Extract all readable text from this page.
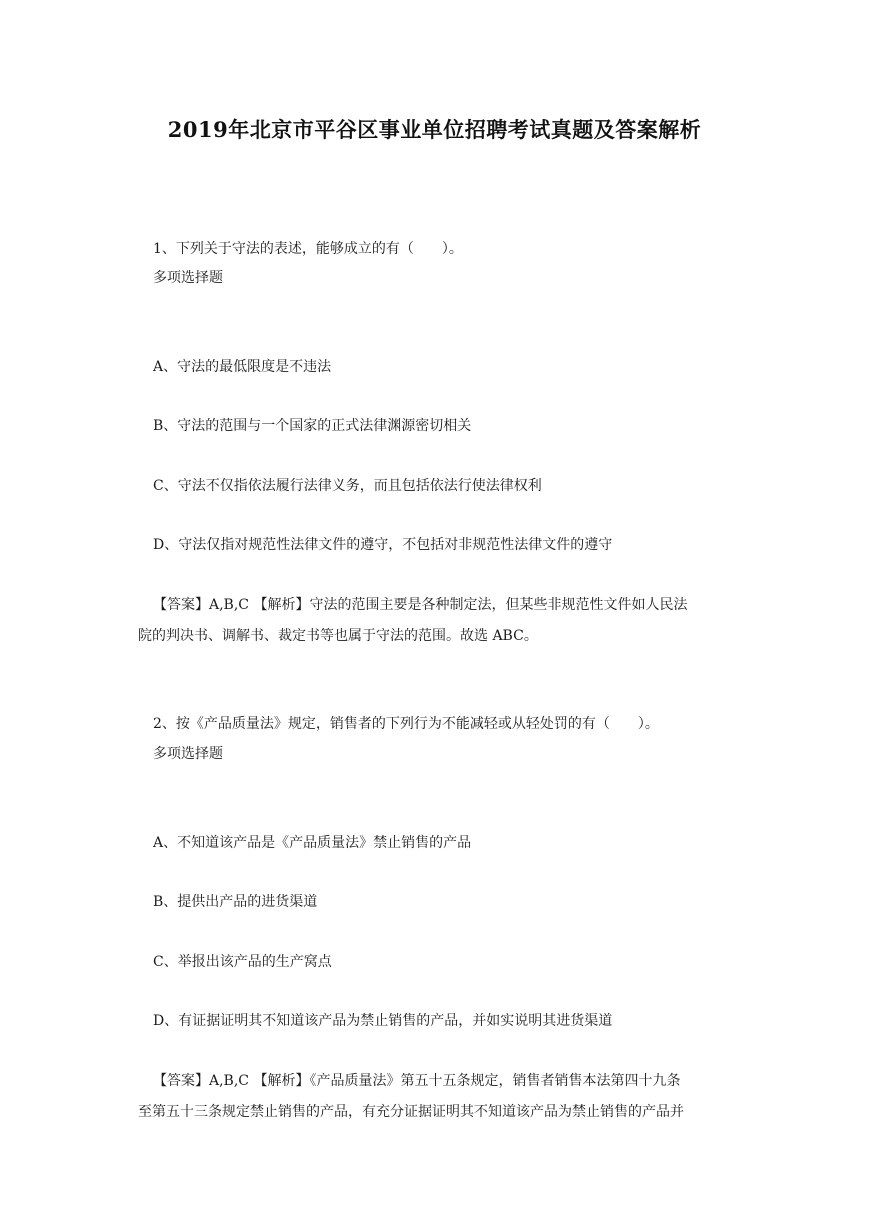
2019年北京市平谷区事业单位招聘考试真题及答案解析
1、下列关于守法的表述，能够成立的有（　　）。
多项选择题
A、守法的最低限度是不违法
B、守法的范围与一个国家的正式法律渊源密切相关
C、守法不仅指依法履行法律义务，而且包括依法行使法律权利
D、守法仅指对规范性法律文件的遵守，不包括对非规范性法律文件的遵守
【答案】A,B,C 【解析】守法的范围主要是各种制定法，但某些非规范性文件如人民法
院的判决书、调解书、裁定书等也属于守法的范围。故选 ABC。
2、按《产品质量法》规定，销售者的下列行为不能减轻或从轻处罚的有（　　）。
多项选择题
A、不知道该产品是《产品质量法》禁止销售的产品
B、提供出产品的进货渠道
C、举报出该产品的生产窝点
D、有证据证明其不知道该产品为禁止销售的产品，并如实说明其进货渠道
【答案】A,B,C 【解析】《产品质量法》第五十五条规定，销售者销售本法第四十九条
至第五十三条规定禁止销售的产品，有充分证据证明其不知道该产品为禁止销售的产品并
